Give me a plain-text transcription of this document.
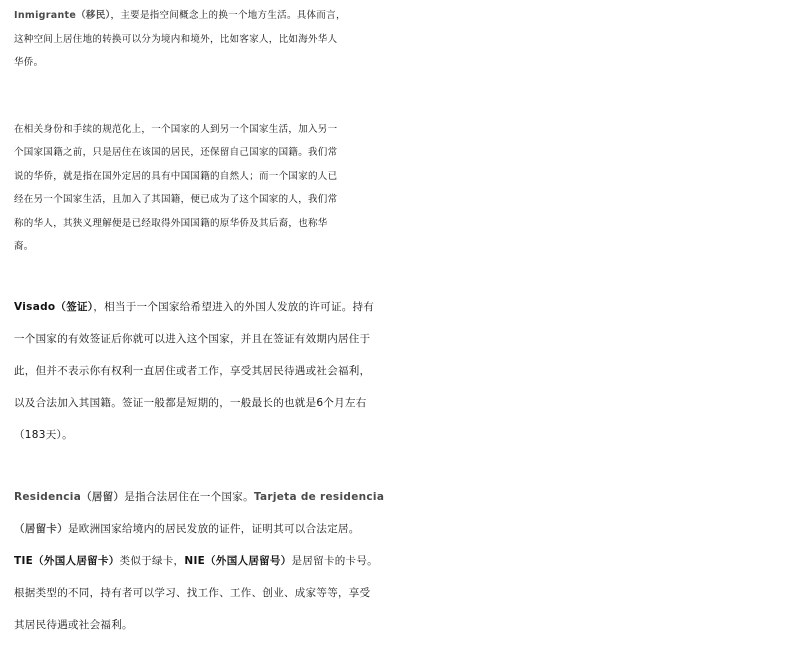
Inmigrante（移民），主要是指空间概念上的换一个地方生活。具体而言，
这种空间上居住地的转换可以分为境内和境外，比如客家人，比如海外华人
华侨。

在相关身份和手续的规范化上，一个国家的人到另一个国家生活，加入另一
个国家国籍之前，只是居住在该国的居民，还保留自己国家的国籍。我们常
说的华侨，就是指在国外定居的具有中国国籍的自然人；而一个国家的人已
经在另一个国家生活，且加入了其国籍，便已成为了这个国家的人，我们常
称的华人，其狭义理解便是已经取得外国国籍的原华侨及其后裔，也称华
裔。

Visado（签证），相当于一个国家给希望进入的外国人发放的许可证。持有
一个国家的有效签证后你就可以进入这个国家，并且在签证有效期内居住于
此，但并不表示你有权利一直居住或者工作，享受其居民待遇或社会福利，
以及合法加入其国籍。签证一般都是短期的，一般最长的也就是6个月左右
（183天）。

Residencia（居留）是指合法居住在一个国家。Tarjeta de residencia
（居留卡）是欧洲国家给境内的居民发放的证件，证明其可以合法定居。
TIE（外国人居留卡）类似于绿卡，NIE（外国人居留号）是居留卡的卡号。
根据类型的不同，持有者可以学习、找工作、工作、创业、成家等等，享受
其居民待遇或社会福利。
